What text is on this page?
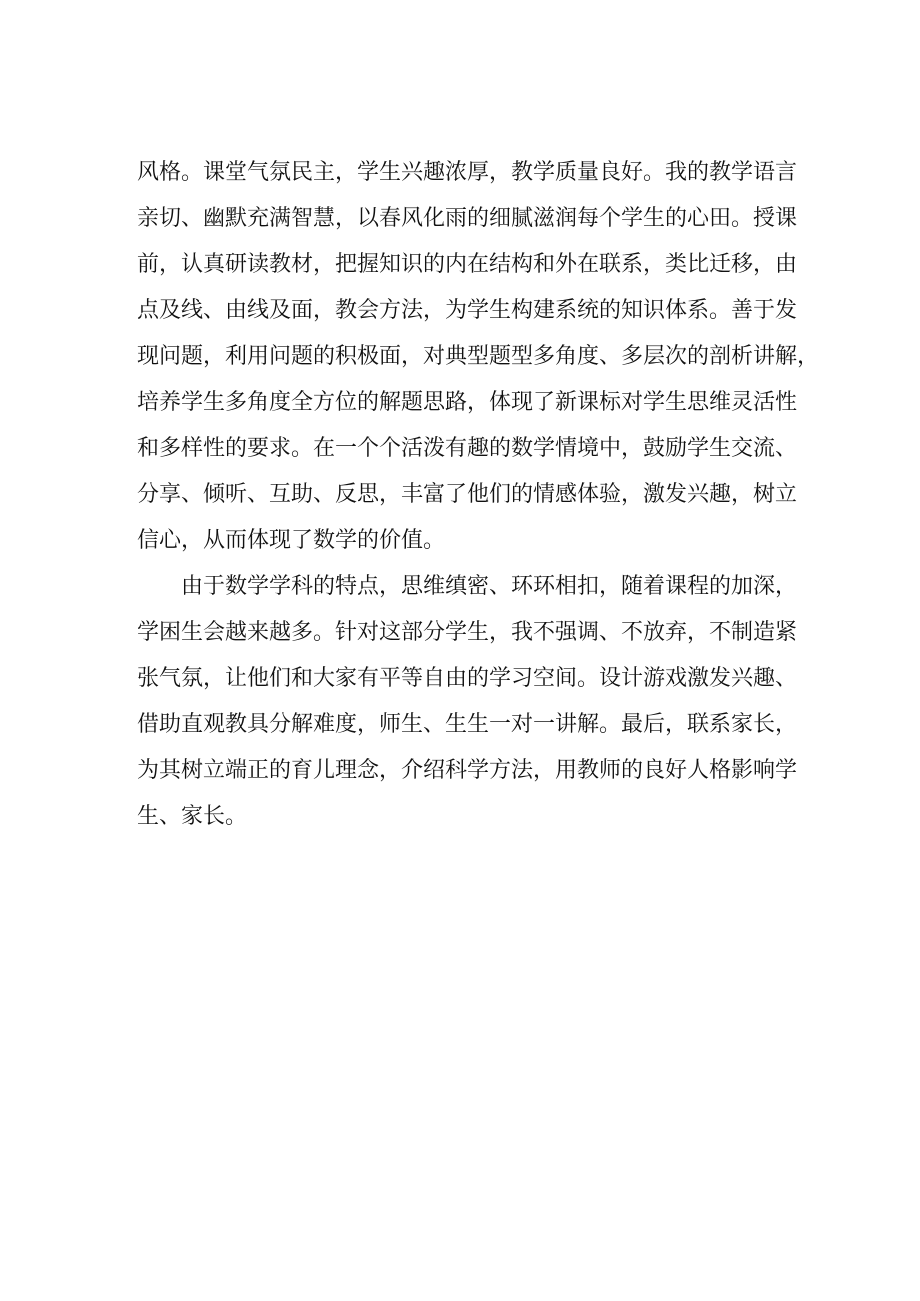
风格。课堂气氛民主，学生兴趣浓厚，教学质量良好。我的教学语言
亲切、幽默充满智慧，以春风化雨的细腻滋润每个学生的心田。授课
前，认真研读教材，把握知识的内在结构和外在联系，类比迁移，由
点及线、由线及面，教会方法，为学生构建系统的知识体系。善于发
现问题，利用问题的积极面，对典型题型多角度、多层次的剖析讲解，
培养学生多角度全方位的解题思路，体现了新课标对学生思维灵活性
和多样性的要求。在一个个活泼有趣的数学情境中，鼓励学生交流、
分享、倾听、互助、反思，丰富了他们的情感体验，激发兴趣，树立
信心，从而体现了数学的价值。
　　由于数学学科的特点，思维缜密、环环相扣，随着课程的加深，
学困生会越来越多。针对这部分学生，我不强调、不放弃，不制造紧
张气氛，让他们和大家有平等自由的学习空间。设计游戏激发兴趣、
借助直观教具分解难度，师生、生生一对一讲解。最后，联系家长，
为其树立端正的育儿理念，介绍科学方法，用教师的良好人格影响学
生、家长。
